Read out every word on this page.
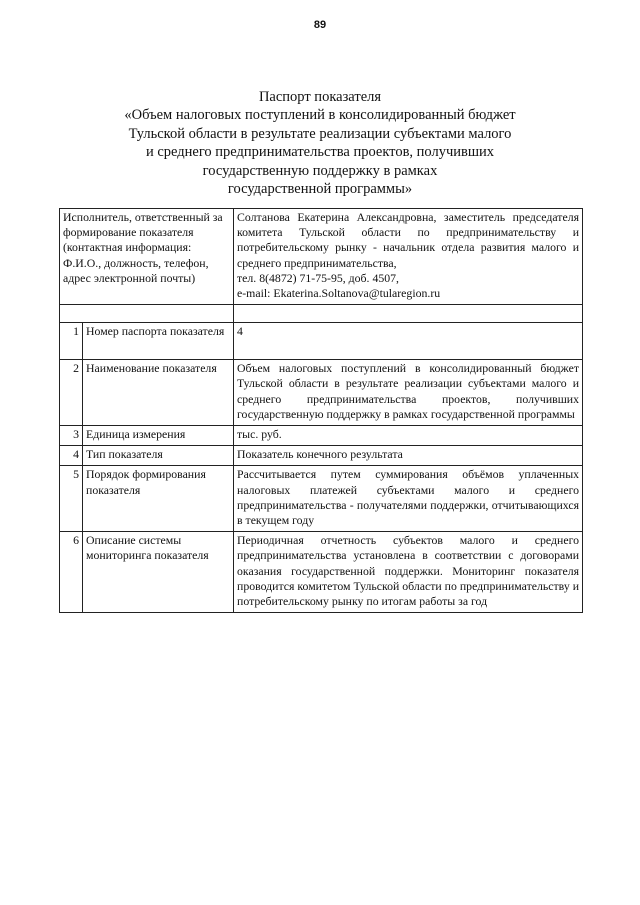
89
Паспорт показателя
«Объем налоговых поступлений в консолидированный бюджет
Тульской области в результате реализации субъектами малого
и среднего предпринимательства проектов, получивших
государственную поддержку в рамках
государственной программы»
Исполнитель, ответственный за формирование показателя (контактная информация: Ф.И.О., должность, телефон, адрес электронной почты)		Солтанова Екатерина Александровна, заместитель председателя комитета Тульской области по предпринимательству и потребительскому рынку - начальник отдела развития малого и среднего предпринимательства,
тел. 8(4872) 71-75-95, доб. 4507,
e-mail: Ekaterina.Soltanova@tularegion.ru

1	Номер паспорта показателя	4
2	Наименование показателя	Объем налоговых поступлений в консолидированный бюджет Тульской области в результате реализации субъектами малого и среднего предпринимательства проектов, получивших государственную поддержку в рамках государственной программы
3	Единица измерения	тыс. руб.
4	Тип показателя	Показатель конечного результата
5	Порядок формирования показателя	Рассчитывается путем суммирования объёмов уплаченных налоговых платежей субъектами малого и среднего предпринимательства - получателями поддержки, отчитывающихся в текущем году
6	Описание системы мониторинга показателя	Периодичная отчетность субъектов малого и среднего предпринимательства установлена в соответствии с договорами оказания государственной поддержки. Мониторинг показателя проводится комитетом Тульской области по предпринимательству и потребительскому рынку по итогам работы за год
